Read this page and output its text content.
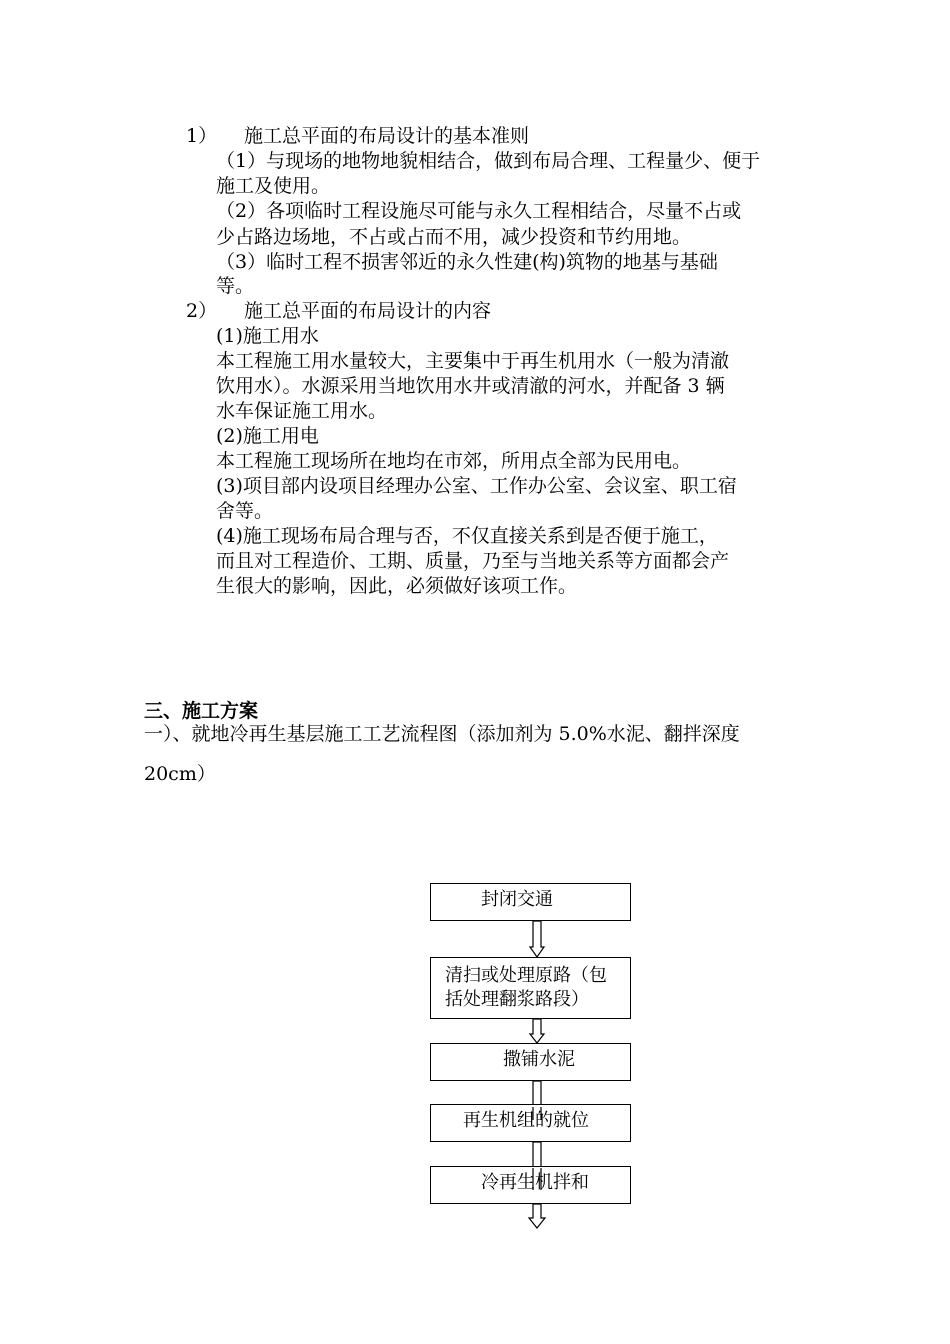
1） 施工总平面的布局设计的基本准则
（1）与现场的地物地貌相结合，做到布局合理、工程量少、便于
施工及使用。
（2）各项临时工程设施尽可能与永久工程相结合，尽量不占或
少占路边场地，不占或占而不用，减少投资和节约用地。
（3）临时工程不损害邻近的永久性建(构)筑物的地基与基础
等。
2） 施工总平面的布局设计的内容
(1)施工用水
本工程施工用水量较大，主要集中于再生机用水（一般为清澈
饮用水）。水源采用当地饮用水井或清澈的河水，并配备 3 辆
水车保证施工用水。
(2)施工用电
本工程施工现场所在地均在市郊，所用点全部为民用电。
(3)项目部内设项目经理办公室、工作办公室、会议室、职工宿
舍等。
(4)施工现场布局合理与否，不仅直接关系到是否便于施工，
而且对工程造价、工期、质量，乃至与当地关系等方面都会产
生很大的影响，因此，必须做好该项工作。
三、施工方案
一）、就地冷再生基层施工工艺流程图（添加剂为 5.0%水泥、翻拌深度
20cm）
封闭交通
清扫或处理原路（包
括处理翻浆路段）
撒铺水泥
再生机组的就位
冷再生机拌和
